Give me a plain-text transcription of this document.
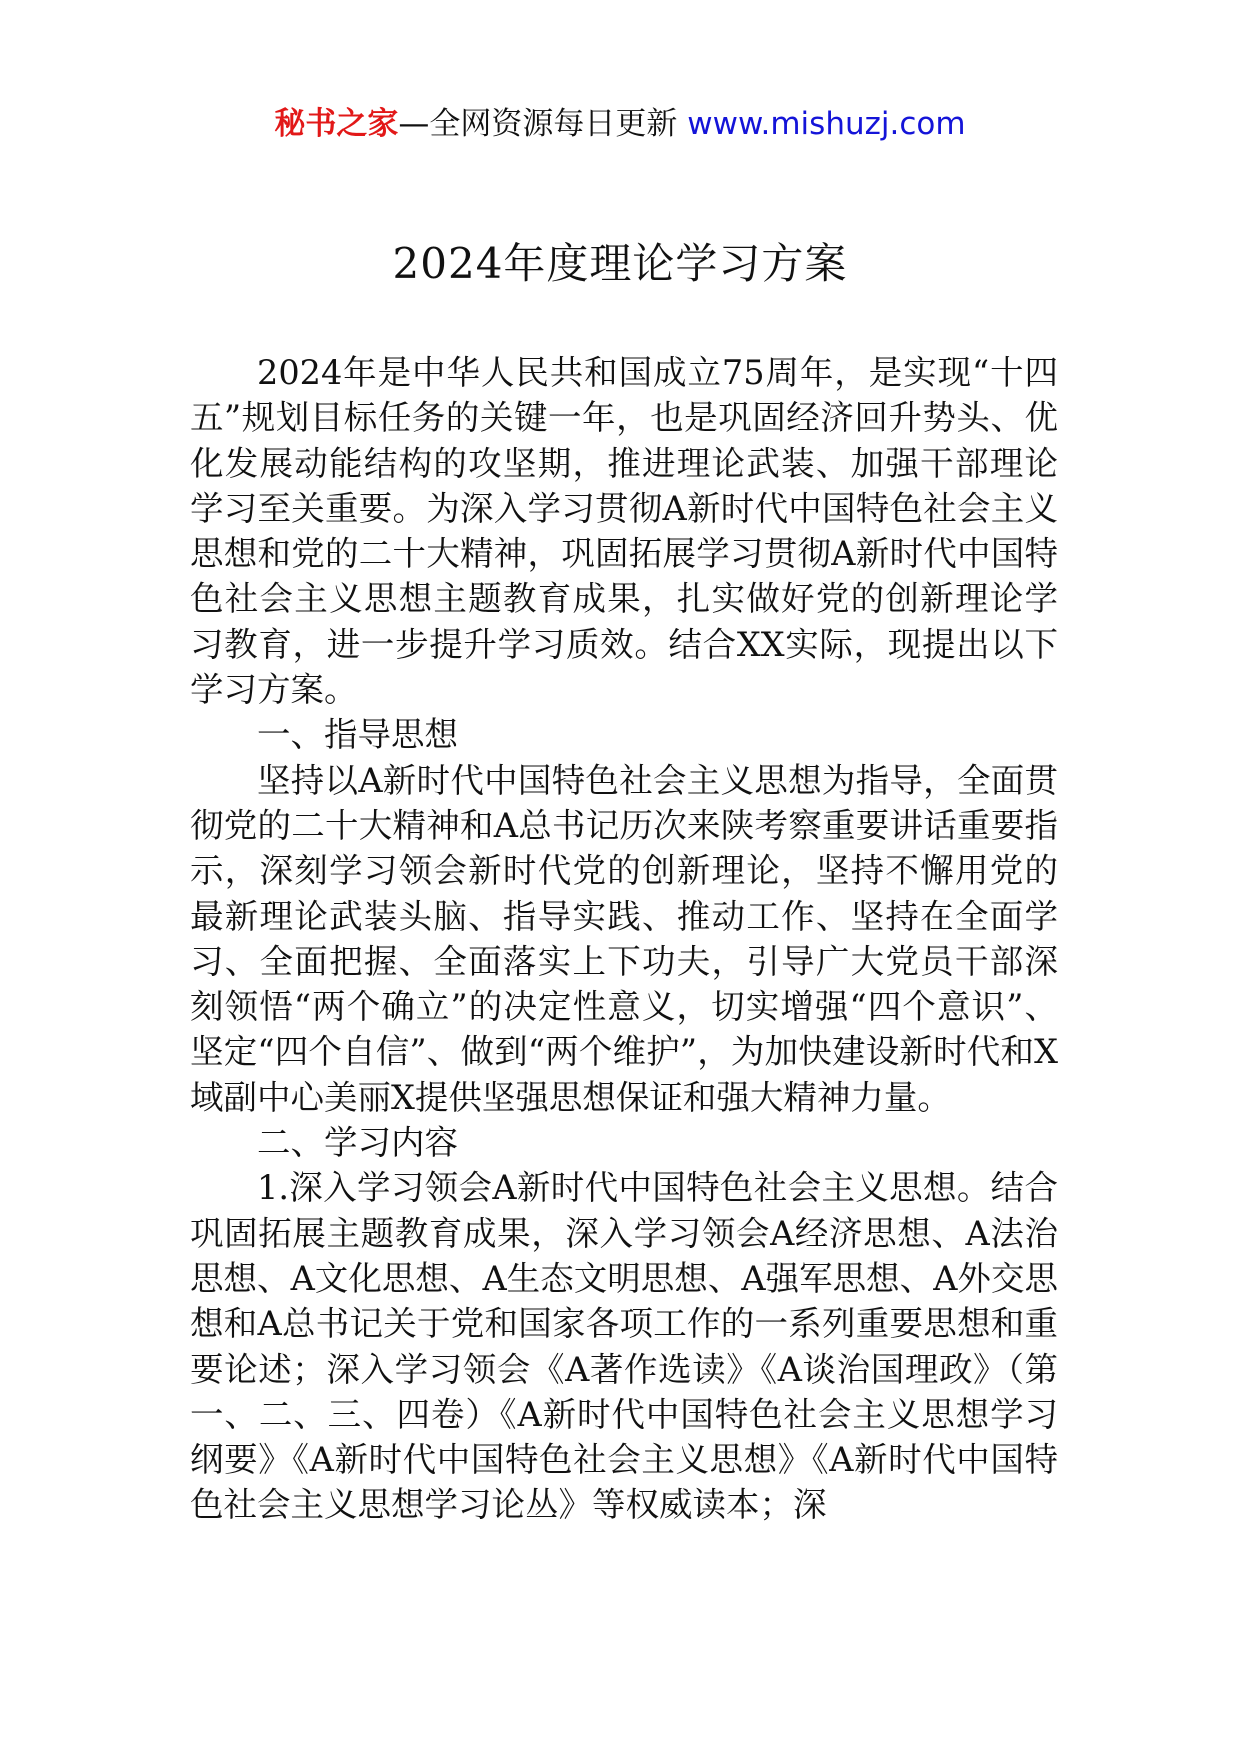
秘书之家—全网资源每日更新 www.mishuzj.com
2024年度理论学习方案

2024年是中华人民共和国成立75周年，是实现“十四五”规划目标任务的关键一年，也是巩固经济回升势头、优化发展动能结构的攻坚期，推进理论武装、加强干部理论学习至关重要。为深入学习贯彻A新时代中国特色社会主义思想和党的二十大精神，巩固拓展学习贯彻A新时代中国特色社会主义思想主题教育成果，扎实做好党的创新理论学习教育，进一步提升学习质效。结合XX实际，现提出以下学习方案。

一、指导思想

坚持以A新时代中国特色社会主义思想为指导，全面贯彻党的二十大精神和A总书记历次来陕考察重要讲话重要指示，深刻学习领会新时代党的创新理论，坚持不懈用党的最新理论武装头脑、指导实践、推动工作、坚持在全面学习、全面把握、全面落实上下功夫，引导广大党员干部深刻领悟“两个确立”的决定性意义，切实增强“四个意识”、坚定“四个自信”、做到“两个维护”，为加快建设新时代和X域副中心美丽X提供坚强思想保证和强大精神力量。

二、学习内容

1.深入学习领会A新时代中国特色社会主义思想。结合巩固拓展主题教育成果，深入学习领会A经济思想、A法治思想、A文化思想、A生态文明思想、A强军思想、A外交思想和A总书记关于党和国家各项工作的一系列重要思想和重要论述；深入学习领会《A著作选读》《A谈治国理政》（第一、二、三、四卷）《A新时代中国特色社会主义思想学习纲要》《A新时代中国特色社会主义思想》《A新时代中国特色社会主义思想学习论丛》等权威读本；深
